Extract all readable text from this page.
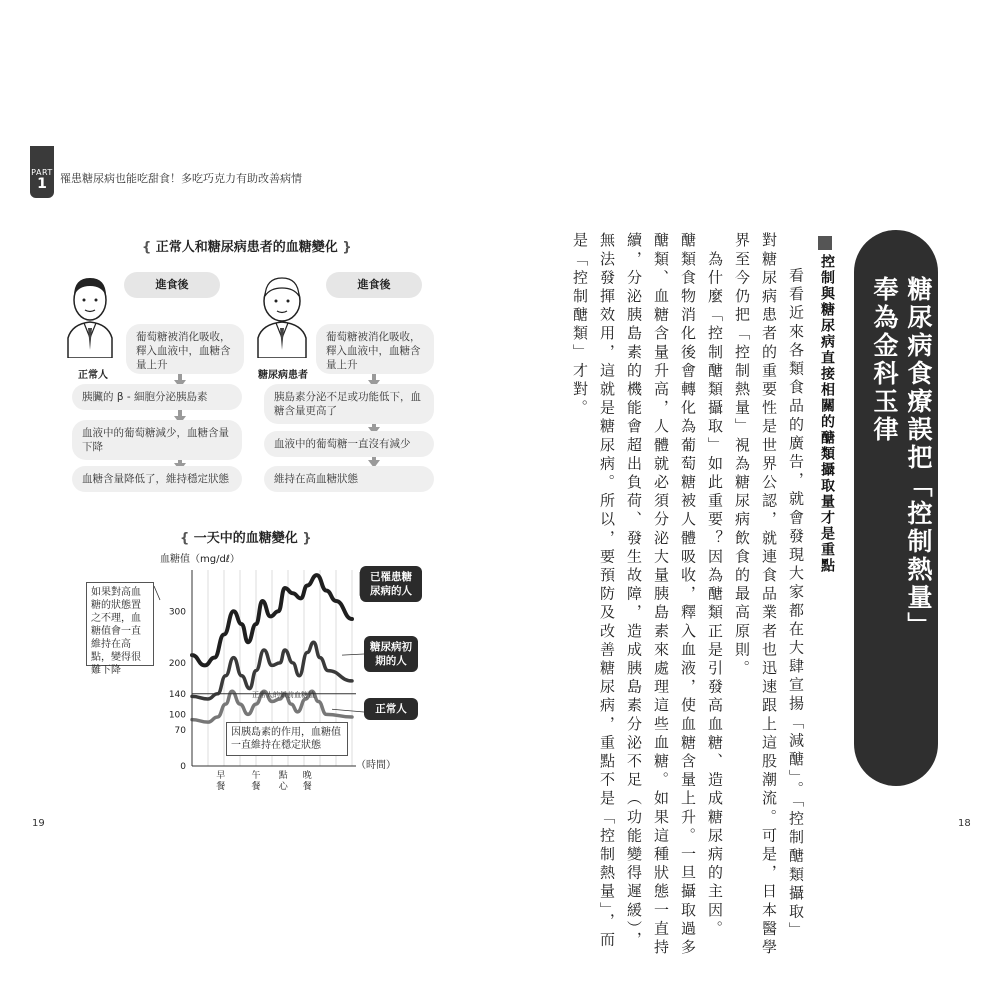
PART
1	罹患糖尿病也能吃甜食！多吃巧克力有助改善病情
{ 正常人和糖尿病患者的血糖變化 }
進食後
正常人
葡萄糖被消化吸收，釋入血液中，血糖含量上升
胰臟的 β - 細胞分泌胰島素
血液中的葡萄糖減少，血糖含量下降
血糖含量降低了，維持穩定狀態
進食後
糖尿病患者
葡萄糖被消化吸收，釋入血液中，血糖含量上升
胰島素分泌不足或功能低下，血糖含量更高了
血液中的葡萄糖一直沒有減少
維持在高血糖狀態
{ 一天中的血糖變化 }
血糖值（mg/dℓ）
0
70
100
140
200
300
早餐
午餐
點心
晚餐
（時間）
正常人的飯前血糖值
如果對高血糖的狀態置之不理，血糖值會一直維持在高點，變得很難下降
因胰島素的作用，血糖值一直維持在穩定狀態
已罹患糖尿病的人
糖尿病初期的人
正常人
19
糖尿病食療誤把「控制熱量」
奉為金科玉律
控制與糖尿病直接相關的醣類攝取量才是重點

　看看近來各類食品的廣告，就會發現大家都在大肆宣揚「減醣」。「控制醣類攝取」
對糖尿病患者的重要性是世界公認，就連食品業者也迅速跟上這股潮流。可是，日本醫學
界至今仍把「控制熱量」視為糖尿病飲食的最高原則。
　為什麼「控制醣類攝取」如此重要？因為醣類正是引發高血糖、造成糖尿病的主因。
醣類食物消化後會轉化為葡萄糖被人體吸收，釋入血液，使血糖含量上升。一旦攝取過多
醣類、血糖含量升高，人體就必須分泌大量胰島素來處理這些血糖。如果這種狀態一直持
續，分泌胰島素的機能會超出負荷、發生故障，造成胰島素分泌不足（功能變得遲緩），
無法發揮效用，這就是糖尿病。所以，要預防及改善糖尿病，重點不是「控制熱量」，而
是「控制醣類」才對。

18
